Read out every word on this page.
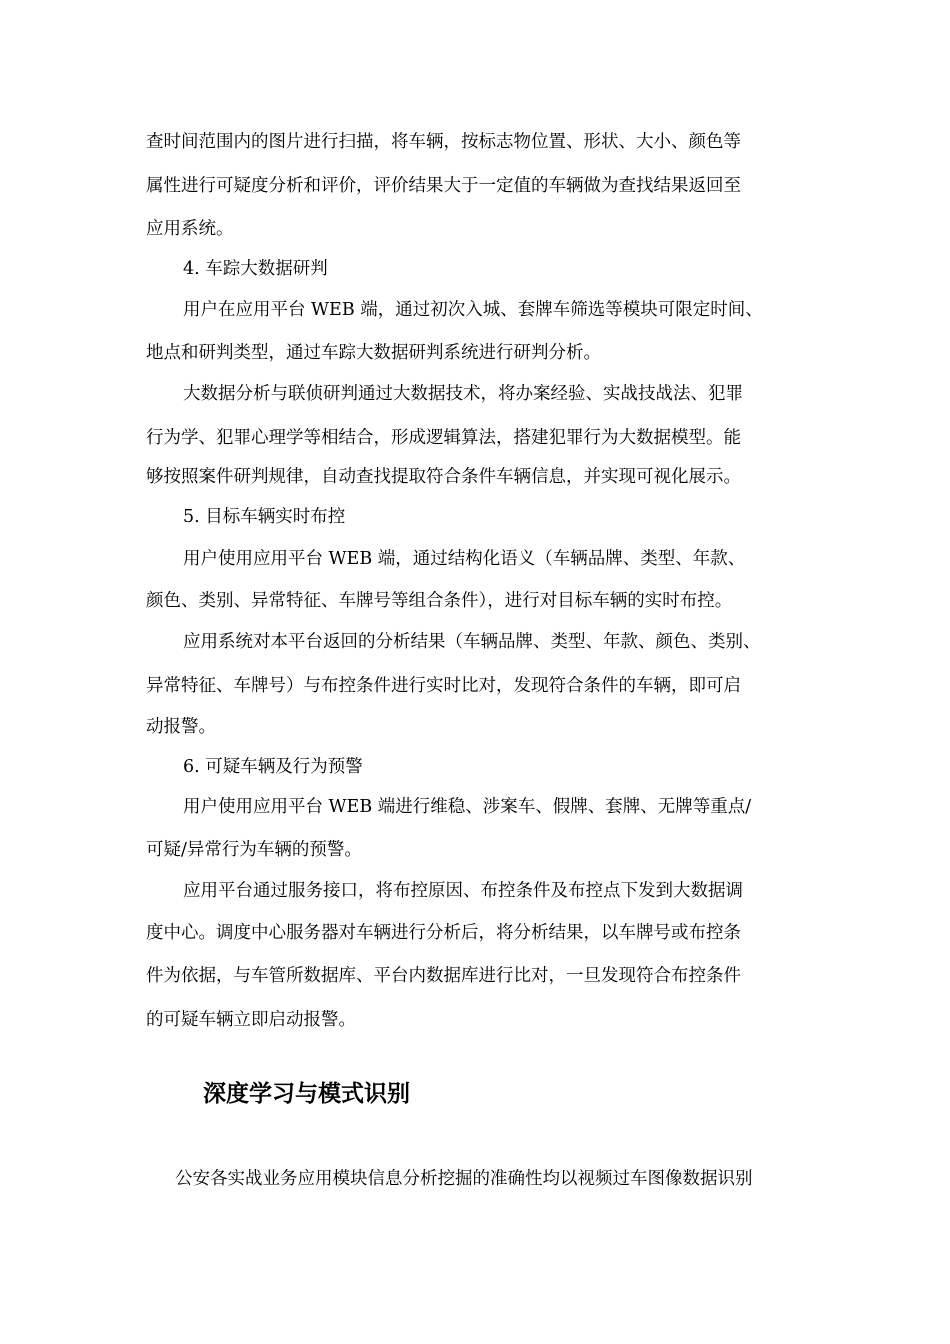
查时间范围内的图片进行扫描，将车辆，按标志物位置、形状、大小、颜色等
属性进行可疑度分析和评价，评价结果大于一定值的车辆做为查找结果返回至
应用系统。
4. 车踪大数据研判
用户在应用平台 WEB 端，通过初次入城、套牌车筛选等模块可限定时间、
地点和研判类型，通过车踪大数据研判系统进行研判分析。
大数据分析与联侦研判通过大数据技术，将办案经验、实战技战法、犯罪
行为学、犯罪心理学等相结合，形成逻辑算法，搭建犯罪行为大数据模型。能
够按照案件研判规律，自动查找提取符合条件车辆信息，并实现可视化展示。
5. 目标车辆实时布控
用户使用应用平台 WEB 端，通过结构化语义（车辆品牌、类型、年款、
颜色、类别、异常特征、车牌号等组合条件），进行对目标车辆的实时布控。
应用系统对本平台返回的分析结果（车辆品牌、类型、年款、颜色、类别、
异常特征、车牌号）与布控条件进行实时比对，发现符合条件的车辆，即可启
动报警。
6. 可疑车辆及行为预警
用户使用应用平台 WEB 端进行维稳、涉案车、假牌、套牌、无牌等重点/
可疑/异常行为车辆的预警。
应用平台通过服务接口，将布控原因、布控条件及布控点下发到大数据调
度中心。调度中心服务器对车辆进行分析后，将分析结果，以车牌号或布控条
件为依据，与车管所数据库、平台内数据库进行比对，一旦发现符合布控条件
的可疑车辆立即启动报警。
深度学习与模式识别
公安各实战业务应用模块信息分析挖掘的准确性均以视频过车图像数据识别
